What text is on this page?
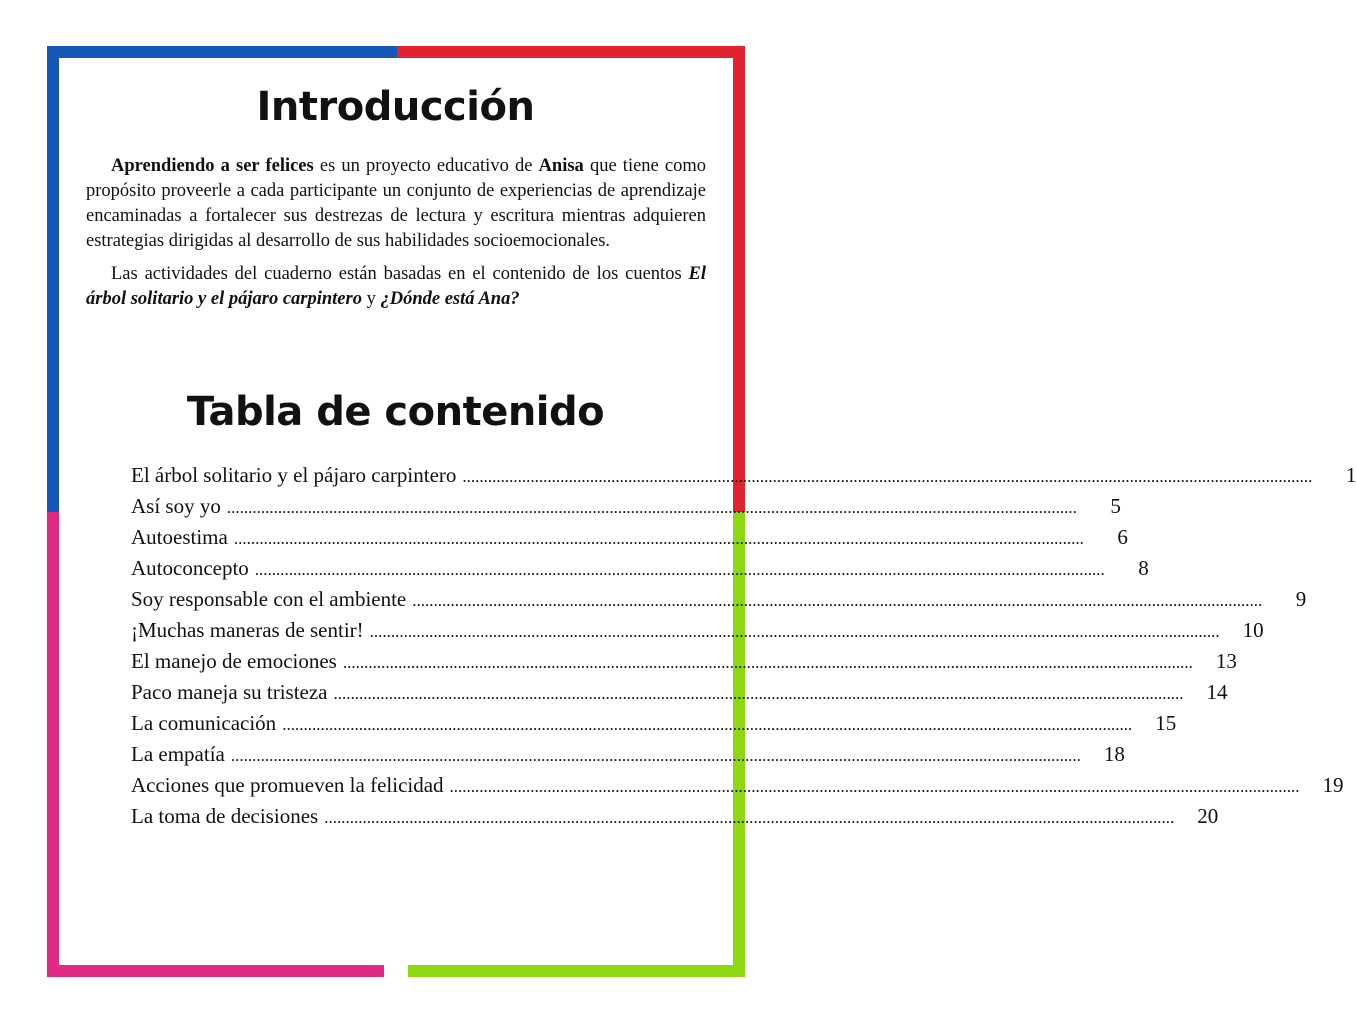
Introducción

Aprendiendo a ser felices es un proyecto educativo de Anisa que tiene como propósito proveerle a cada participante un conjunto de experiencias de aprendizaje encaminadas a fortalecer sus destrezas de lectura y escritura mientras adquieren estrategias dirigidas al desarrollo de sus habilidades socioemocionales.

Las actividades del cuaderno están basadas en el contenido de los cuentos El árbol solitario y el pájaro carpintero y ¿Dónde está Ana?

Tabla de contenido
El árbol solitario y el pájaro carpintero ........................................................................................................................................................................................................	1
Así soy yo ........................................................................................................................................................................................................	5
Autoestima ........................................................................................................................................................................................................	6
Autoconcepto ........................................................................................................................................................................................................	8
Soy responsable con el ambiente ........................................................................................................................................................................................................	9
¡Muchas maneras de sentir! ........................................................................................................................................................................................................	10
El manejo de emociones ........................................................................................................................................................................................................	13
Paco maneja su tristeza ........................................................................................................................................................................................................	14
La comunicación ........................................................................................................................................................................................................	15
La empatía ........................................................................................................................................................................................................	18
Acciones que promueven la felicidad ........................................................................................................................................................................................................	19
La toma de decisiones ........................................................................................................................................................................................................	20
